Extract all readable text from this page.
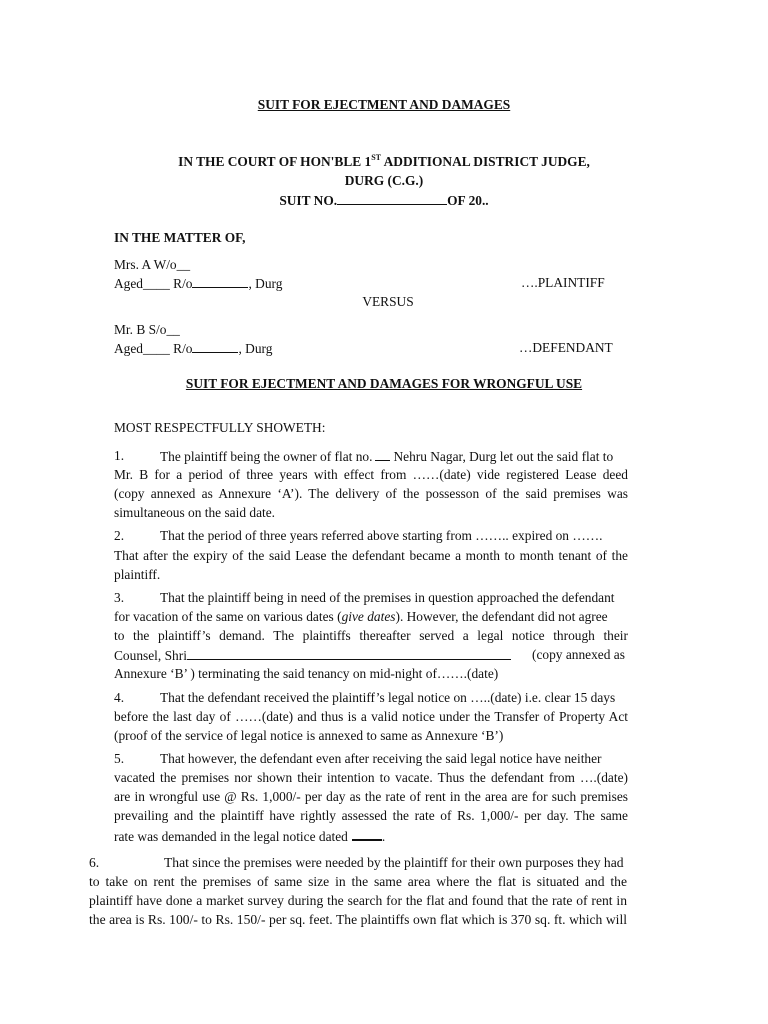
SUIT FOR EJECTMENT AND DAMAGES
IN THE COURT OF HON'BLE 1ST ADDITIONAL DISTRICT JUDGE,
DURG (C.G.)
SUIT NO.	OF 20..
IN THE MATTER OF,
Mrs. A W/o__
Aged____ R/o	, Durg	….PLAINTIFF
VERSUS
Mr. B S/o__
Aged____ R/o	, Durg	…DEFENDANT
SUIT FOR EJECTMENT AND DAMAGES FOR WRONGFUL USE
MOST RESPECTFULLY SHOWETH:
1.	The plaintiff being the owner of flat no. Nehru Nagar, Durg let out the said flat to
Mr. B for a period of three years with effect from ……(date) vide registered Lease deed
(copy annexed as Annexure ‘A’). The delivery of the possesson of the said premises was
simultaneous on the said date.
2.	That the period of three years referred above starting from …….. expired on …….
That after the expiry of the said Lease the defendant became a month to month tenant of the
plaintiff.
3.	That the plaintiff being in need of the premises in question approached the defendant
for vacation of the same on various dates (give dates). However, the defendant did not agree
to the plaintiff’s demand. The plaintiffs thereafter served a legal notice through their
Counsel, Shri	(copy annexed as
Annexure ‘B’ ) terminating the said tenancy on mid-night of…….(date)
4.	That the defendant received the plaintiff’s legal notice on …..(date) i.e. clear 15 days
before the last day of ……(date) and thus is a valid notice under the Transfer of Property Act
(proof of the service of legal notice is annexed to same as Annexure ‘B’)
5.	That however, the defendant even after receiving the said legal notice have neither
vacated the premises nor shown their intention to vacate. Thus the defendant from ….(date)
are in wrongful use @ Rs. 1,000/- per day as the rate of rent in the area are for such premises
prevailing and the plaintiff have rightly assessed the rate of Rs. 1,000/- per day. The same
rate was demanded in the legal notice dated	.
6.	That since the premises were needed by the plaintiff for their own purposes they had
to take on rent the premises of same size in the same area where the flat is situated and the
plaintiff have done a market survey during the search for the flat and found that the rate of rent in
the area is Rs. 100/- to Rs. 150/- per sq. feet. The plaintiffs own flat which is 370 sq. ft. which will
